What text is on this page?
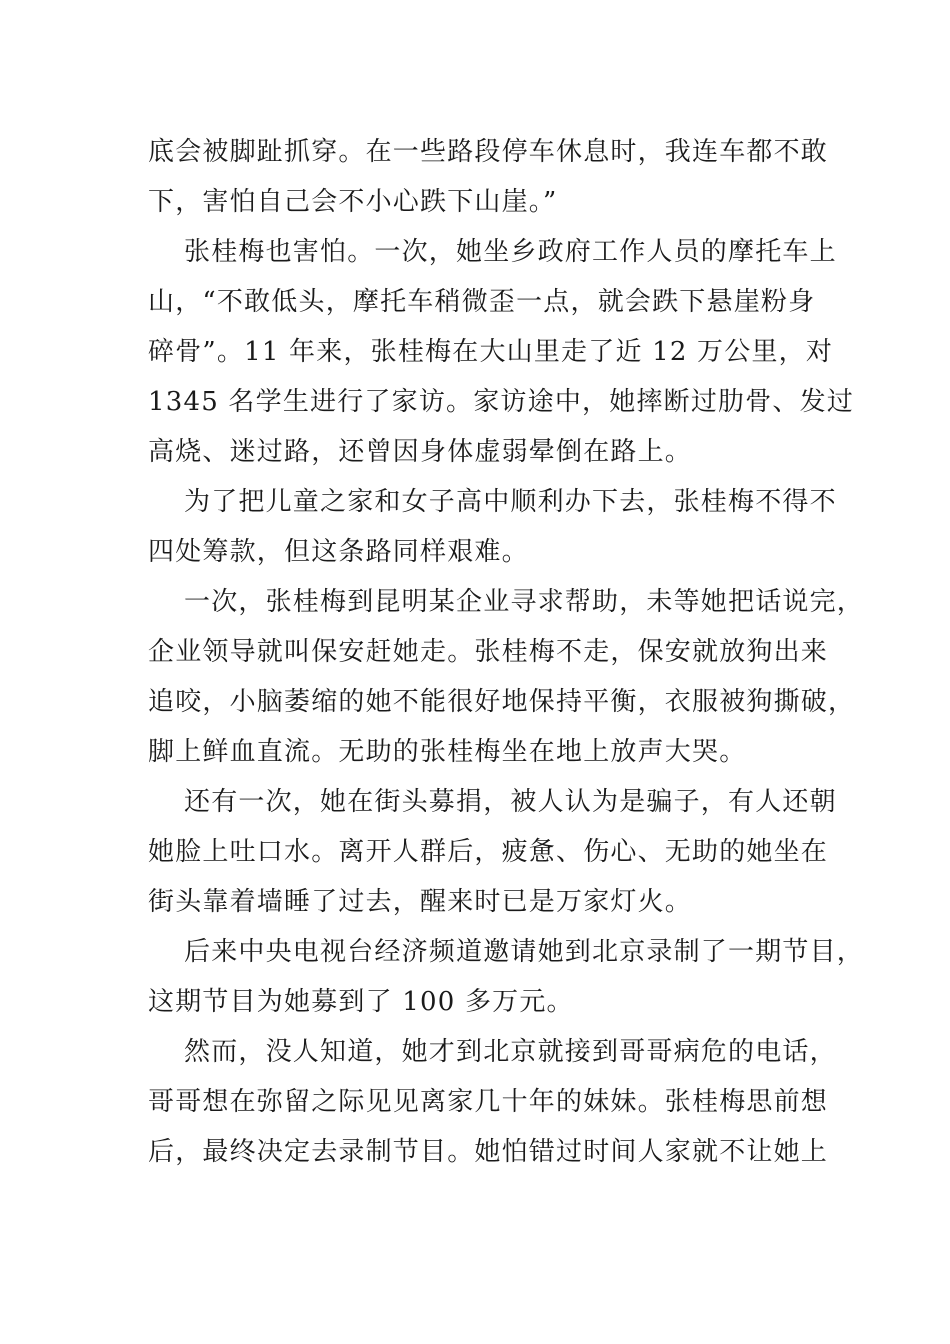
底会被脚趾抓穿。在一些路段停车休息时，我连车都不敢
下，害怕自己会不小心跌下山崖。”
张桂梅也害怕。一次，她坐乡政府工作人员的摩托车上
山，“不敢低头，摩托车稍微歪一点，就会跌下悬崖粉身
碎骨”。11 年来，张桂梅在大山里走了近 12 万公里，对
1345 名学生进行了家访。家访途中，她摔断过肋骨、发过
高烧、迷过路，还曾因身体虚弱晕倒在路上。
为了把儿童之家和女子高中顺利办下去，张桂梅不得不
四处筹款，但这条路同样艰难。
一次，张桂梅到昆明某企业寻求帮助，未等她把话说完，
企业领导就叫保安赶她走。张桂梅不走，保安就放狗出来
追咬，小脑萎缩的她不能很好地保持平衡，衣服被狗撕破，
脚上鲜血直流。无助的张桂梅坐在地上放声大哭。
还有一次，她在街头募捐，被人认为是骗子，有人还朝
她脸上吐口水。离开人群后，疲惫、伤心、无助的她坐在
街头靠着墙睡了过去，醒来时已是万家灯火。
后来中央电视台经济频道邀请她到北京录制了一期节目，
这期节目为她募到了 100 多万元。
然而，没人知道，她才到北京就接到哥哥病危的电话，
哥哥想在弥留之际见见离家几十年的妹妹。张桂梅思前想
后，最终决定去录制节目。她怕错过时间人家就不让她上
